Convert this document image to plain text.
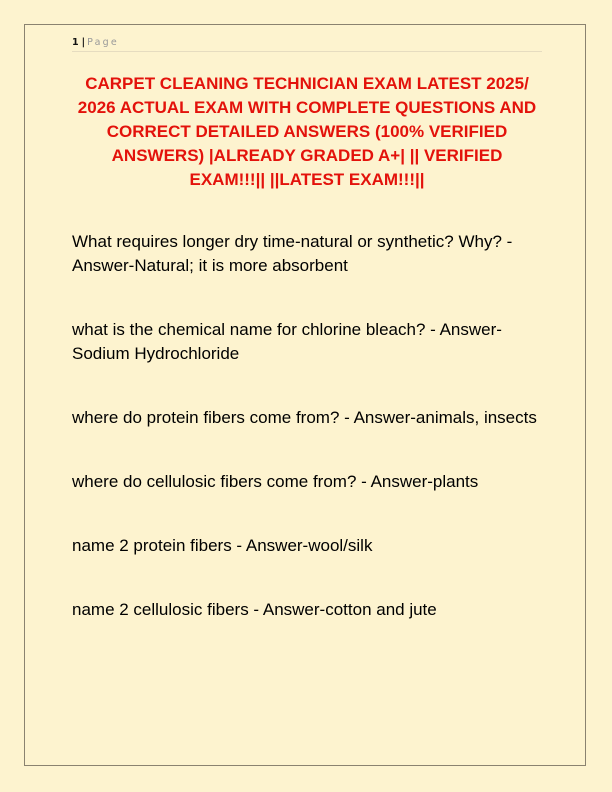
1 | Page
CARPET CLEANING TECHNICIAN EXAM LATEST 2025/ 2026 ACTUAL EXAM WITH COMPLETE QUESTIONS AND CORRECT DETAILED ANSWERS (100% VERIFIED ANSWERS) |ALREADY GRADED A+| || VERIFIED EXAM!!!|| ||LATEST EXAM!!!||
What requires longer dry time-natural or synthetic? Why? - Answer-Natural; it is more absorbent
what is the chemical name for chlorine bleach? - Answer-Sodium Hydrochloride
where do protein fibers come from? - Answer-animals, insects
where do cellulosic fibers come from? - Answer-plants
name 2 protein fibers - Answer-wool/silk
name 2 cellulosic fibers - Answer-cotton and jute
